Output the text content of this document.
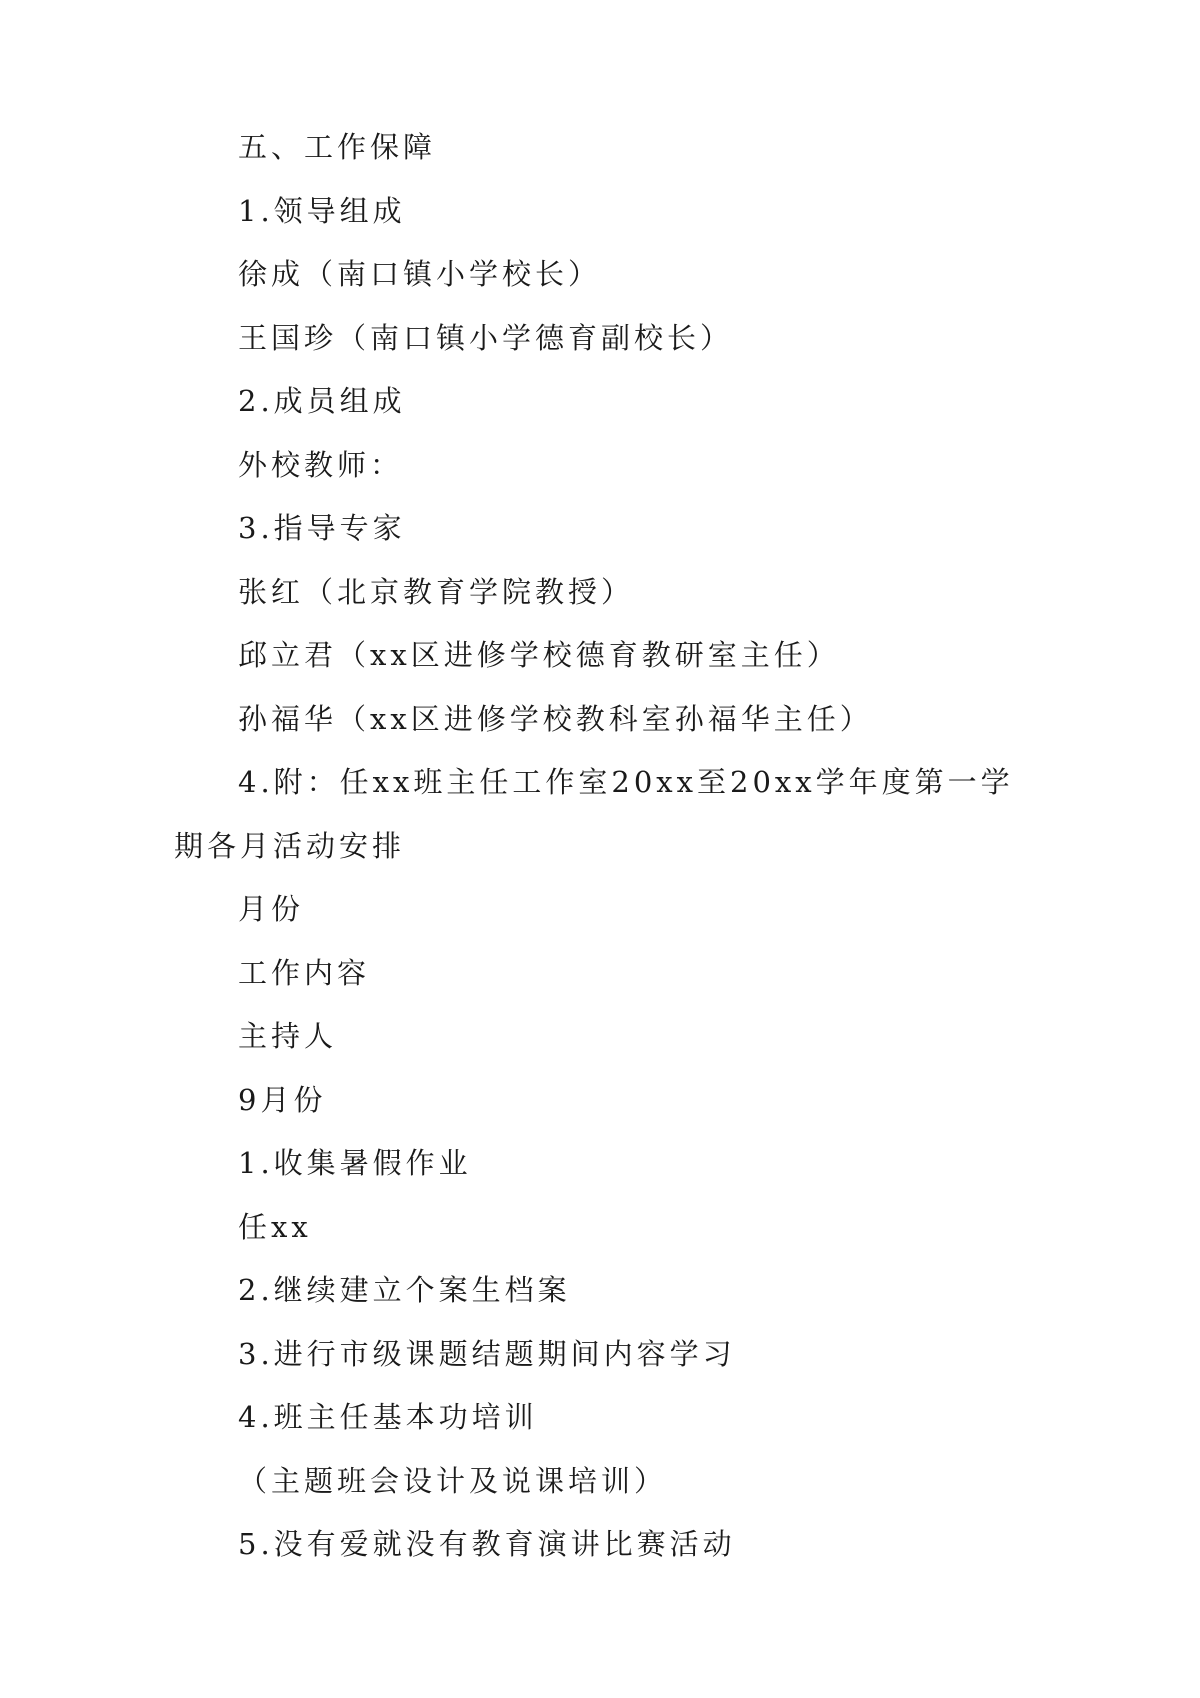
五、工作保障
1.领导组成
徐成（南口镇小学校长）
王国珍（南口镇小学德育副校长）
2.成员组成
外校教师：
3.指导专家
张红（北京教育学院教授）
邱立君（xx区进修学校德育教研室主任）
孙福华（xx区进修学校教科室孙福华主任）
4.附：任xx班主任工作室20xx至20xx学年度第一学期各月活动安排
月份
工作内容
主持人
9月份
1.收集暑假作业
任xx
2.继续建立个案生档案
3.进行市级课题结题期间内容学习
4.班主任基本功培训
（主题班会设计及说课培训）
5.没有爱就没有教育演讲比赛活动
